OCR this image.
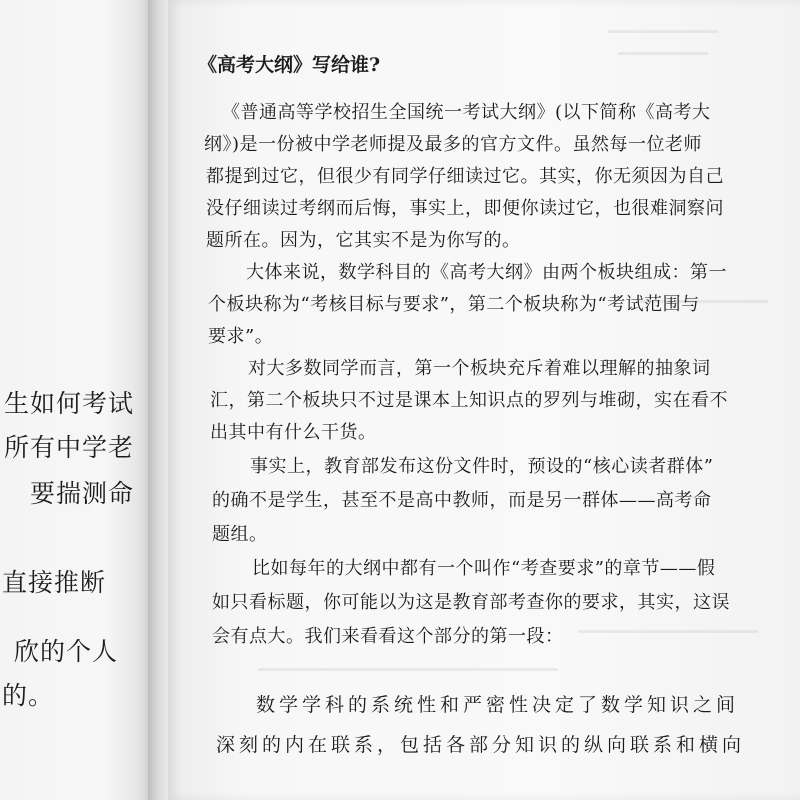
生如何考试
所有中学老
要揣测命
直接推断
欣的个人
的。
《高考大纲》写给谁?
《普通高等学校招生全国统一考试大纲》(以下简称《高考大
纲》)是一份被中学老师提及最多的官方文件。虽然每一位老师
都提到过它，但很少有同学仔细读过它。其实，你无须因为自己
没仔细读过考纲而后悔，事实上，即便你读过它，也很难洞察问
题所在。因为，它其实不是为你写的。
大体来说，数学科目的《高考大纲》由两个板块组成：第一
个板块称为“考核目标与要求”，第二个板块称为“考试范围与
要求”。
对大多数同学而言，第一个板块充斥着难以理解的抽象词
汇，第二个板块只不过是课本上知识点的罗列与堆砌，实在看不
出其中有什么干货。
事实上，教育部发布这份文件时，预设的“核心读者群体”
的确不是学生，甚至不是高中教师，而是另一群体——高考命
题组。
比如每年的大纲中都有一个叫作“考查要求”的章节——假
如只看标题，你可能以为这是教育部考查你的要求，其实，这误
会有点大。我们来看看这个部分的第一段：
数学学科的系统性和严密性决定了数学知识之间
深刻的内在联系，包括各部分知识的纵向联系和横向
